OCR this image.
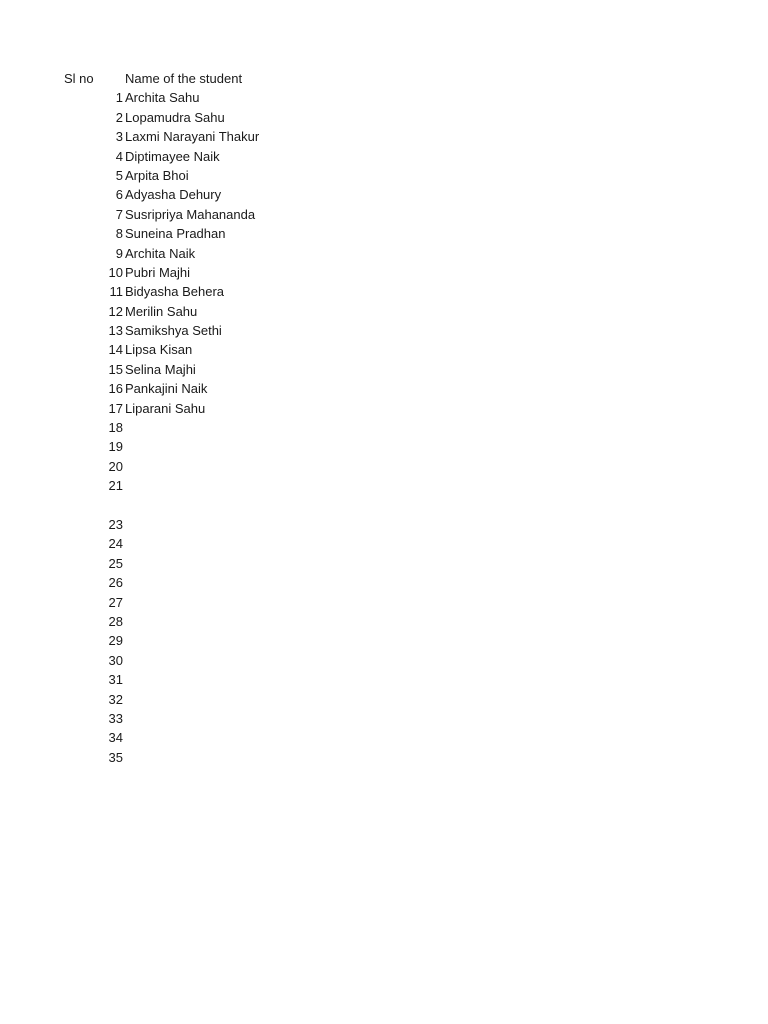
Sl no Name of the student
1 Archita Sahu
2 Lopamudra Sahu
3 Laxmi Narayani Thakur
4 Diptimayee Naik
5 Arpita Bhoi
6 Adyasha Dehury
7 Susripriya Mahananda
8 Suneina Pradhan
9 Archita Naik
10 Pubri Majhi
11 Bidyasha Behera
12 Merilin Sahu
13 Samikshya Sethi
14 Lipsa Kisan
15 Selina Majhi
16 Pankajini Naik
17 Liparani Sahu
18
19
20
21
23
24
25
26
27
28
29
30
31
32
33
34
35
